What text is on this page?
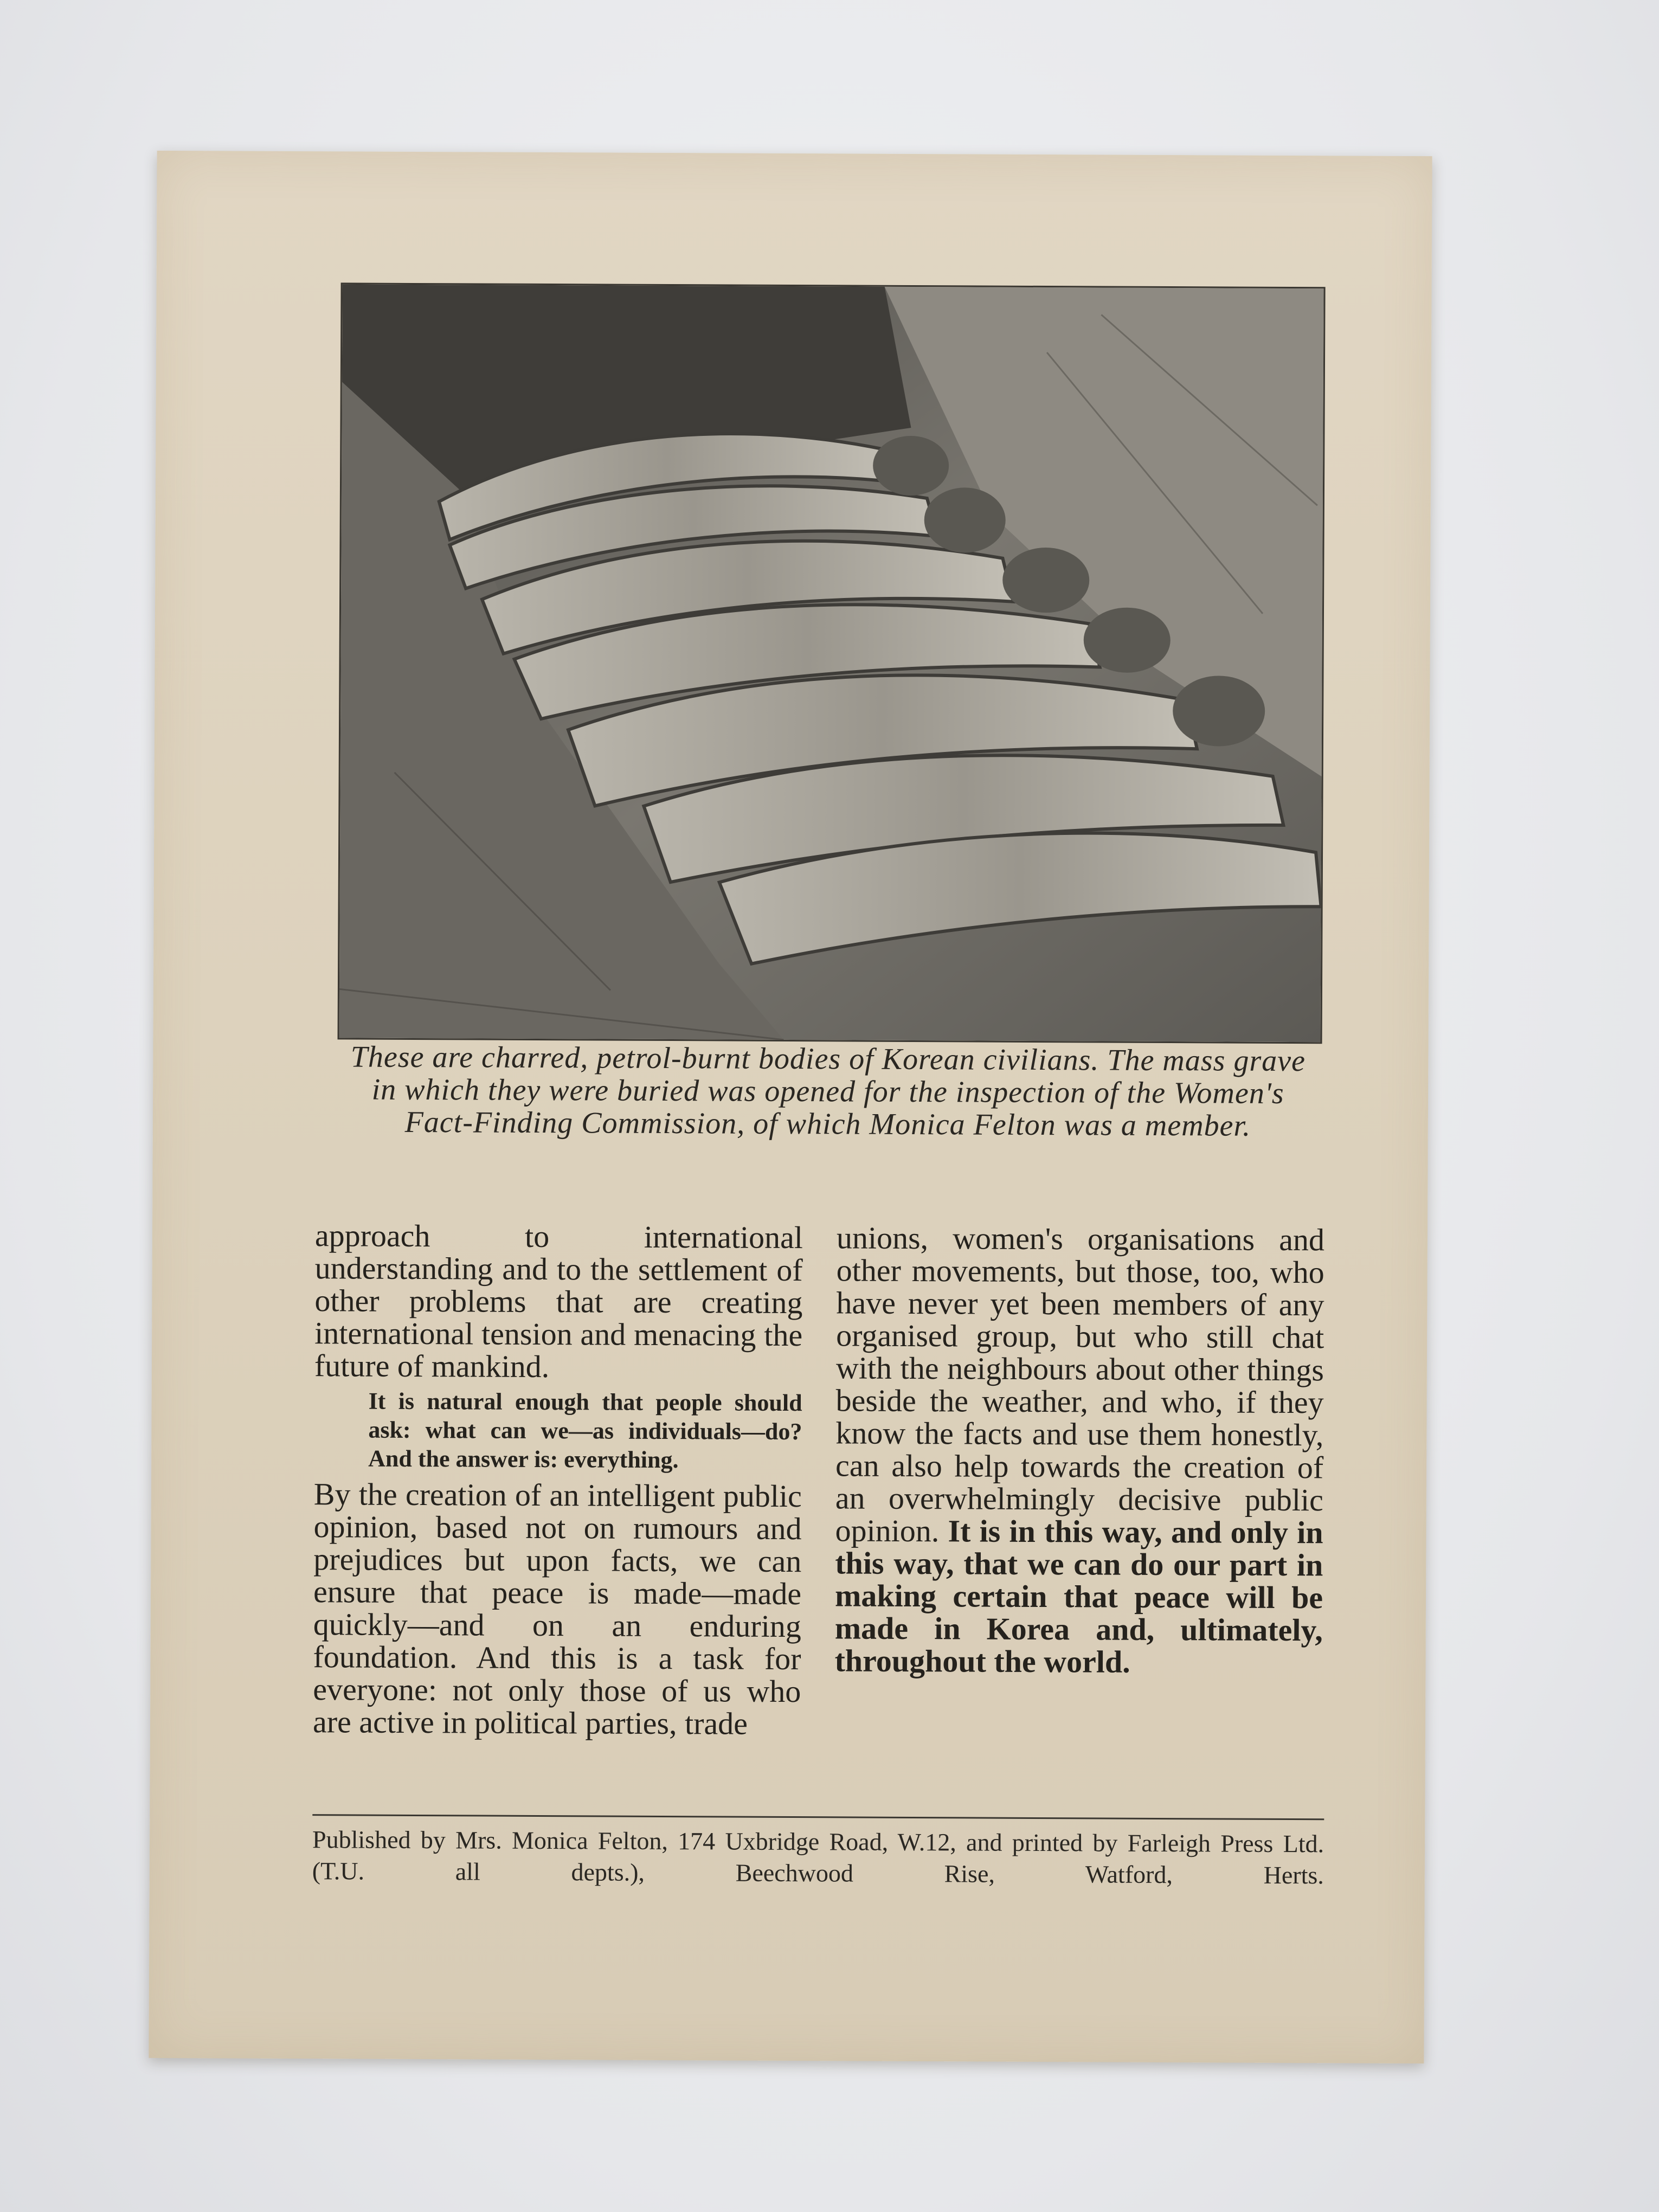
These are charred, petrol-burnt bodies of Korean civilians. The mass grave in which they were buried was opened for the inspection of the Women's Fact-Finding Commission, of which Monica Felton was a member.

approach to international understanding and to the settlement of other problems that are creating international tension and menacing the future of mankind.

It is natural enough that people should ask: what can we—as individuals—do? And the answer is: everything.

By the creation of an intelligent public opinion, based not on rumours and prejudices but upon facts, we can ensure that peace is made—made quickly—and on an enduring foundation. And this is a task for everyone: not only those of us who are active in political parties, trade

unions, women's organisations and other movements, but those, too, who have never yet been members of any organised group, but who still chat with the neighbours about other things beside the weather, and who, if they know the facts and use them honestly, can also help towards the creation of an overwhelmingly decisive public opinion. It is in this way, and only in this way, that we can do our part in making certain that peace will be made in Korea and, ultimately, throughout the world.

Published by Mrs. Monica Felton, 174 Uxbridge Road, W.12, and printed by Farleigh Press Ltd. (T.U. all depts.), Beechwood Rise, Watford, Herts.
